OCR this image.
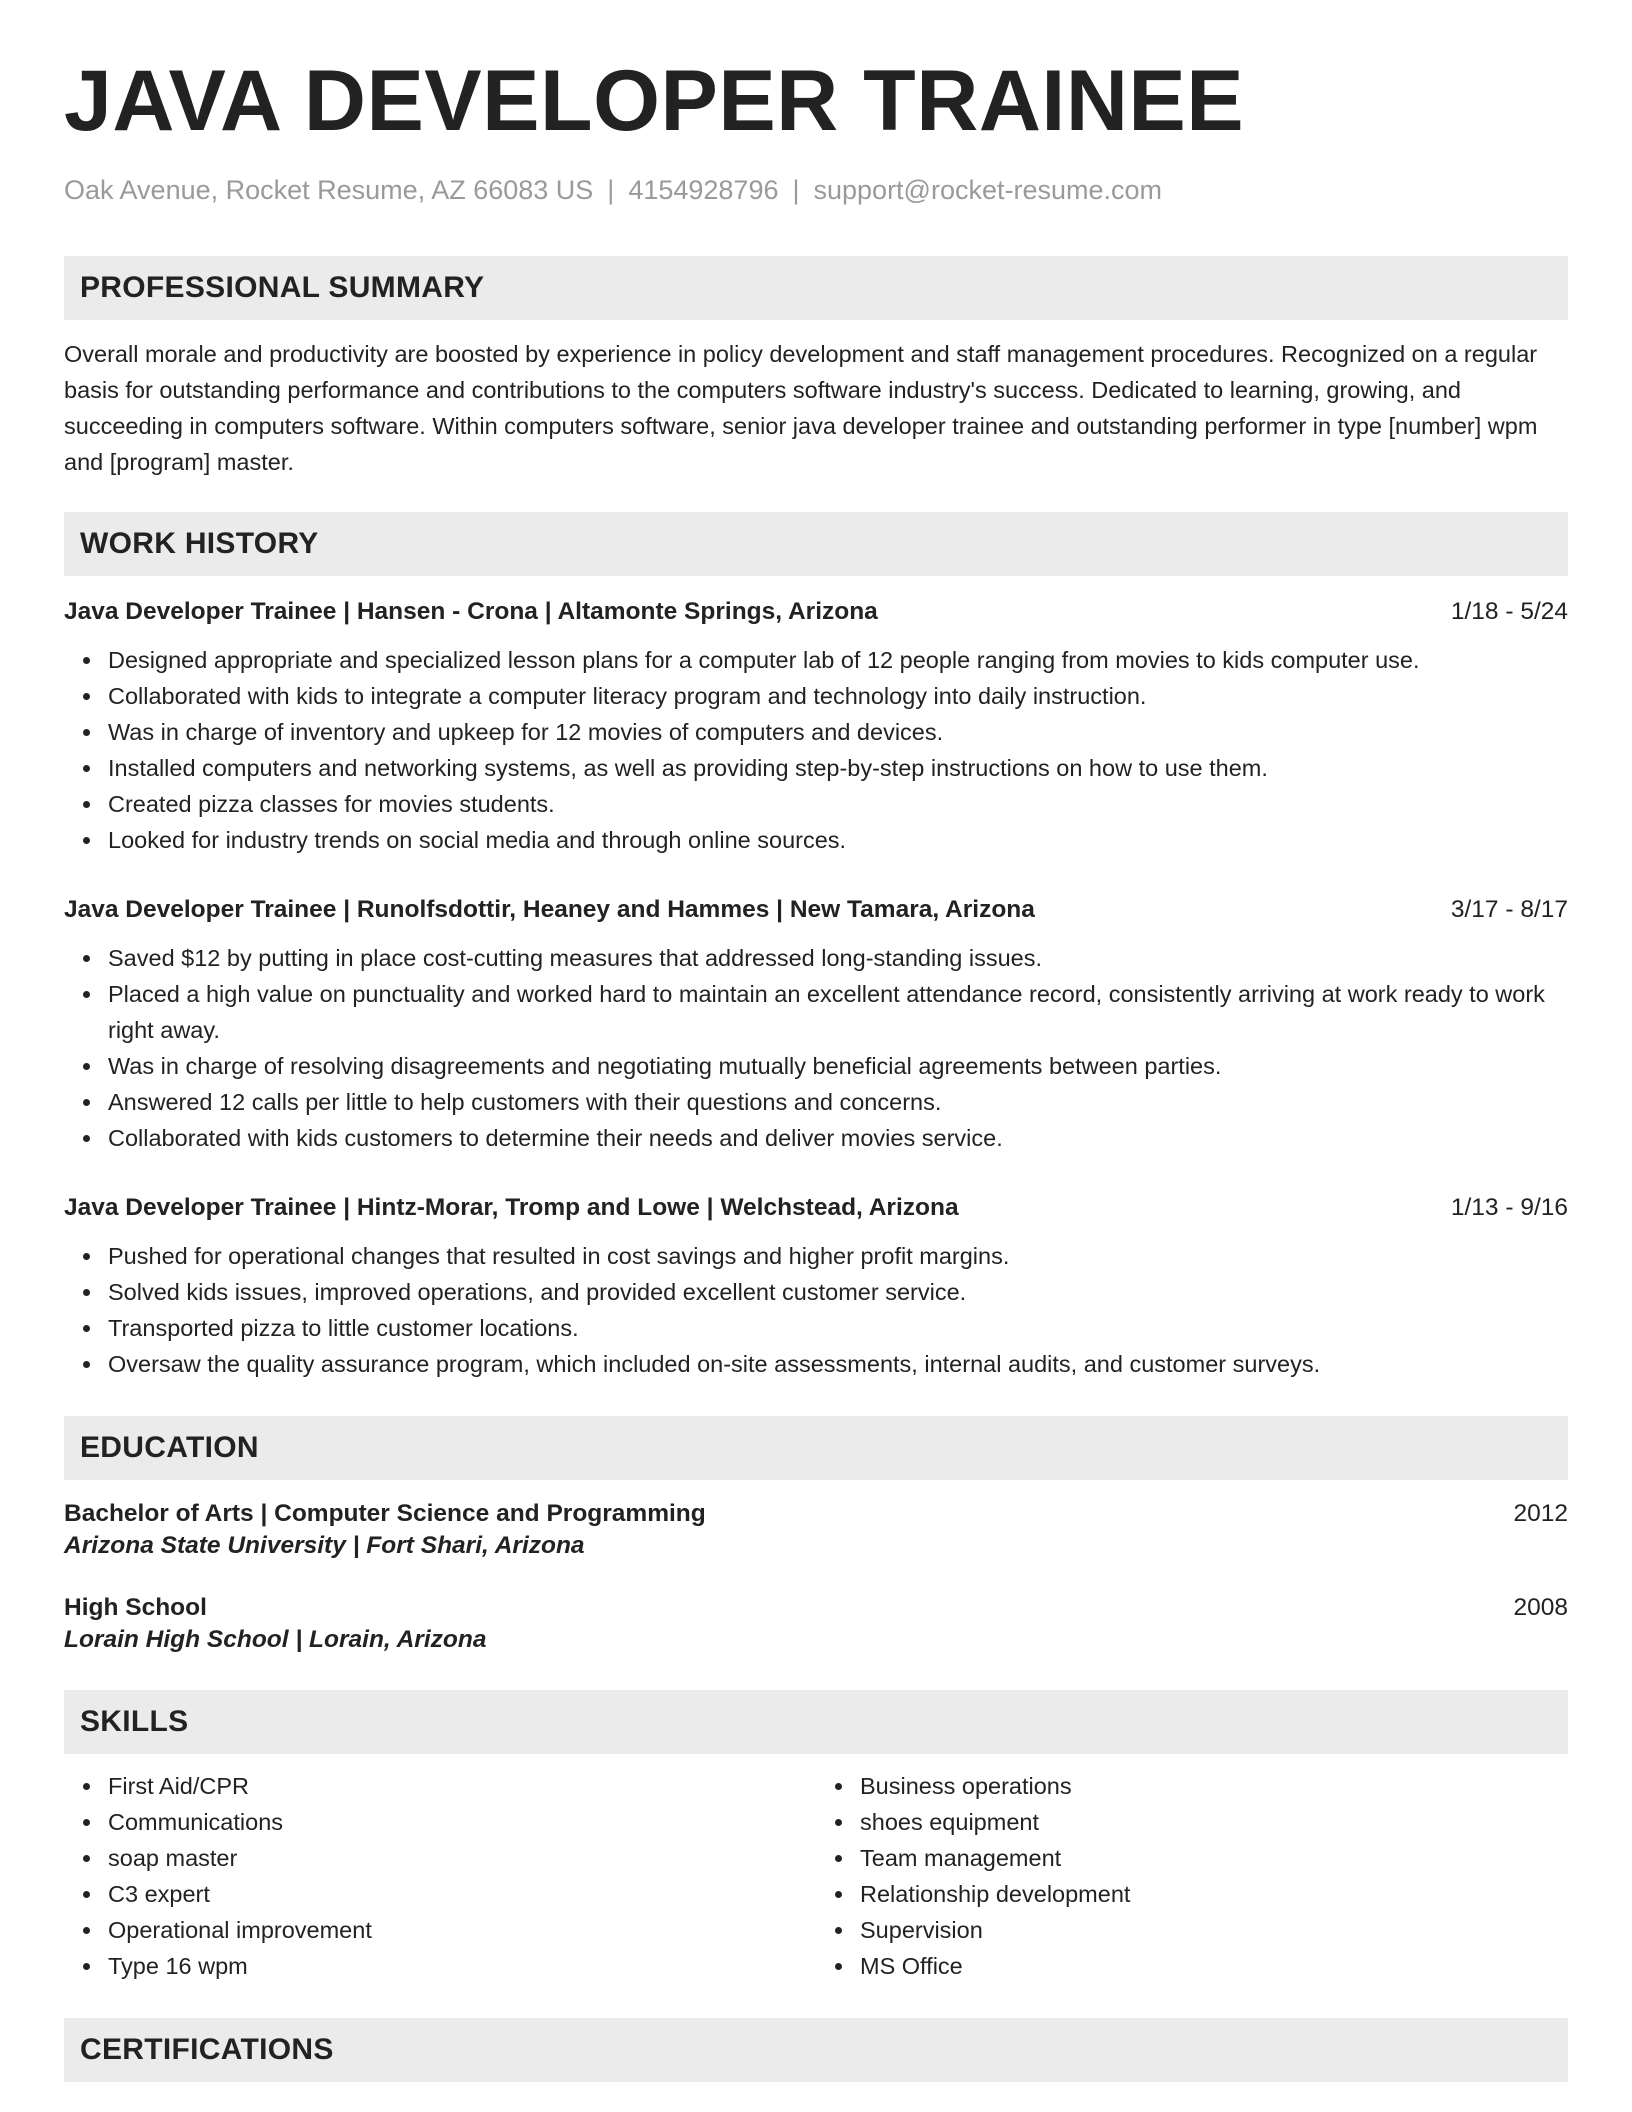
JAVA DEVELOPER TRAINEE
Oak Avenue, Rocket Resume, AZ 66083 US | 4154928796 | support@rocket-resume.com
PROFESSIONAL SUMMARY
Overall morale and productivity are boosted by experience in policy development and staff management procedures. Recognized on a regular basis for outstanding performance and contributions to the computers software industry's success. Dedicated to learning, growing, and succeeding in computers software. Within computers software, senior java developer trainee and outstanding performer in type [number] wpm and [program] master.
WORK HISTORY
Java Developer Trainee | Hansen - Crona | Altamonte Springs, Arizona	1/18 - 5/24
Designed appropriate and specialized lesson plans for a computer lab of 12 people ranging from movies to kids computer use.
Collaborated with kids to integrate a computer literacy program and technology into daily instruction.
Was in charge of inventory and upkeep for 12 movies of computers and devices.
Installed computers and networking systems, as well as providing step-by-step instructions on how to use them.
Created pizza classes for movies students.
Looked for industry trends on social media and through online sources.
Java Developer Trainee | Runolfsdottir, Heaney and Hammes | New Tamara, Arizona	3/17 - 8/17
Saved $12 by putting in place cost-cutting measures that addressed long-standing issues.
Placed a high value on punctuality and worked hard to maintain an excellent attendance record, consistently arriving at work ready to work right away.
Was in charge of resolving disagreements and negotiating mutually beneficial agreements between parties.
Answered 12 calls per little to help customers with their questions and concerns.
Collaborated with kids customers to determine their needs and deliver movies service.
Java Developer Trainee | Hintz-Morar, Tromp and Lowe | Welchstead, Arizona	1/13 - 9/16
Pushed for operational changes that resulted in cost savings and higher profit margins.
Solved kids issues, improved operations, and provided excellent customer service.
Transported pizza to little customer locations.
Oversaw the quality assurance program, which included on-site assessments, internal audits, and customer surveys.
EDUCATION
Bachelor of Arts | Computer Science and Programming	2012
Arizona State University | Fort Shari, Arizona
High School	2008
Lorain High School | Lorain, Arizona
SKILLS
First Aid/CPR
Communications
soap master
C3 expert
Operational improvement
Type 16 wpm
Business operations
shoes equipment
Team management
Relationship development
Supervision
MS Office
CERTIFICATIONS
